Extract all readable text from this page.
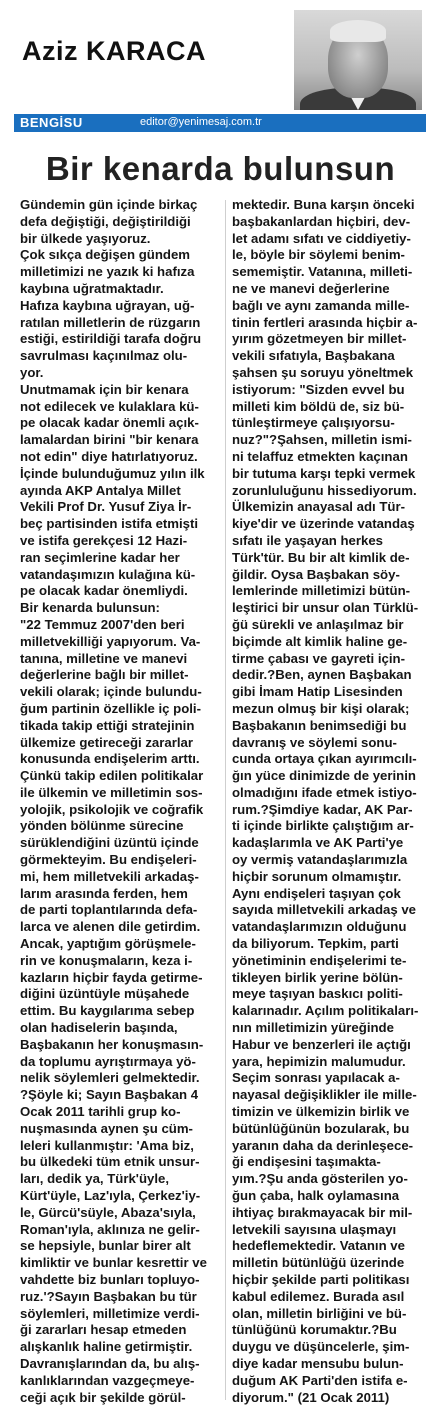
Aziz KARACA
BENGİSU	editor@yenimesaj.com.tr
Bir kenarda bulunsun

Gündemin gün içinde birkaç
defa değiştiği, değiştirildiği
bir ülkede yaşıyoruz.
Çok sıkça değişen gündem
milletimizi ne yazık ki hafıza
kaybına uğratmaktadır.
Hafıza kaybına uğrayan, uğ-
ratılan milletlerin de rüzgarın
estiği, estirildiği tarafa doğru
savrulması kaçınılmaz olu-
yor.
Unutmamak için bir kenara
not edilecek ve kulaklara kü-
pe olacak kadar önemli açık-
lamalardan birini "bir kenara
not edin" diye hatırlatıyoruz.
İçinde bulunduğumuz yılın ilk
ayında AKP Antalya Millet
Vekili Prof Dr. Yusuf Ziya İr-
beç partisinden istifa etmişti
ve istifa gerekçesi 12 Hazi-
ran seçimlerine kadar her
vatandaşımızın kulağına kü-
pe olacak kadar önemliydi.
Bir kenarda bulunsun:
"22 Temmuz 2007'den beri
milletvekilliği yapıyorum. Va-
tanına, milletine ve manevi
değerlerine bağlı bir millet-
vekili olarak; içinde bulundu-
ğum partinin özellikle iç poli-
tikada takip ettiği stratejinin
ülkemize getireceği zararlar
konusunda endişelerim arttı.
Çünkü takip edilen politikalar
ile ülkemin ve milletimin sos-
yolojik, psikolojik ve coğrafik
yönden bölünme sürecine
sürüklendiğini üzüntü içinde
görmekteyim. Bu endişeleri-
mi, hem milletvekili arkadaş-
larım arasında ferden, hem
de parti toplantılarında defa-
larca ve alenen dile getirdim.
Ancak, yaptığım görüşmele-
rin ve konuşmaların, keza i-
kazların hiçbir fayda getirme-
diğini üzüntüyle müşahede
ettim. Bu kaygılarıma sebep
olan hadiselerin başında,
Başbakanın her konuşmasın-
da toplumu ayrıştırmaya yö-
nelik söylemleri gelmektedir.
?Şöyle ki; Sayın Başbakan 4
Ocak 2011 tarihli grup ko-
nuşmasında aynen şu cüm-
leleri kullanmıştır: 'Ama biz,
bu ülkedeki tüm etnik unsur-
ları, dedik ya, Türk'üyle,
Kürt'üyle, Laz'ıyla, Çerkez'iy-
le, Gürcü'süyle, Abaza'sıyla,
Roman'ıyla, aklınıza ne gelir-
se hepsiyle, bunlar birer alt
kimliktir ve bunlar kesrettir ve
vahdette biz bunları topluyo-
ruz.'?Sayın Başbakan bu tür
söylemleri, milletimize verdi-
ği zararları hesap etmeden
alışkanlık haline getirmiştir.
Davranışlarından da, bu alış-
kanlıklarından vazgeçmeye-
ceği açık bir şekilde görül-

mektedir. Buna karşın önceki
başbakanlardan hiçbiri, dev-
let adamı sıfatı ve ciddiyetiy-
le, böyle bir söylemi benim-
sememiştir. Vatanına, milleti-
ne ve manevi değerlerine
bağlı ve aynı zamanda mille-
tinin fertleri arasında hiçbir a-
yırım gözetmeyen bir millet-
vekili sıfatıyla, Başbakana
şahsen şu soruyu yöneltmek
istiyorum: "Sizden evvel bu
milleti kim böldü de, siz bü-
tünleştirmeye çalışıyorsu-
nuz?"?Şahsen, milletin ismi-
ni telaffuz etmekten kaçınan
bir tutuma karşı tepki vermek
zorunluluğunu hissediyorum.
Ülkemizin anayasal adı Tür-
kiye'dir ve üzerinde vatandaş
sıfatı ile yaşayan herkes
Türk'tür. Bu bir alt kimlik de-
ğildir. Oysa Başbakan söy-
lemlerinde milletimizi bütün-
leştirici bir unsur olan Türklü-
ğü sürekli ve anlaşılmaz bir
biçimde alt kimlik haline ge-
tirme çabası ve gayreti için-
dedir.?Ben, aynen Başbakan
gibi İmam Hatip Lisesinden
mezun olmuş bir kişi olarak;
Başbakanın benimsediği bu
davranış ve söylemi sonu-
cunda ortaya çıkan ayırımcılı-
ğın yüce dinimizde de yerinin
olmadığını ifade etmek istiyo-
rum.?Şimdiye kadar, AK Par-
ti içinde birlikte çalıştığım ar-
kadaşlarımla ve AK Parti'ye
oy vermiş vatandaşlarımızla
hiçbir sorunum olmamıştır.
Aynı endişeleri taşıyan çok
sayıda milletvekili arkadaş ve
vatandaşlarımızın olduğunu
da biliyorum. Tepkim, parti
yönetiminin endişelerimi te-
tikleyen birlik yerine bölün-
meye taşıyan baskıcı politi-
kalarınadır. Açılım politikaları-
nın milletimizin yüreğinde
Habur ve benzerleri ile açtığı
yara, hepimizin malumudur.
Seçim sonrası yapılacak a-
nayasal değişiklikler ile mille-
timizin ve ülkemizin birlik ve
bütünlüğünün bozularak, bu
yaranın daha da derinleşece-
ği endişesini taşımakta-
yım.?Şu anda gösterilen yo-
ğun çaba, halk oylamasına
ihtiyaç bırakmayacak bir mil-
letvekili sayısına ulaşmayı
hedeflemektedir. Vatanın ve
milletin bütünlüğü üzerinde
hiçbir şekilde parti politikası
kabul edilemez. Burada asıl
olan, milletin birliğini ve bü-
tünlüğünü korumaktır.?Bu
duygu ve düşüncelerle, şim-
diye kadar mensubu bulun-
duğum AK Parti'den istifa e-
diyorum." (21 Ocak 2011)
